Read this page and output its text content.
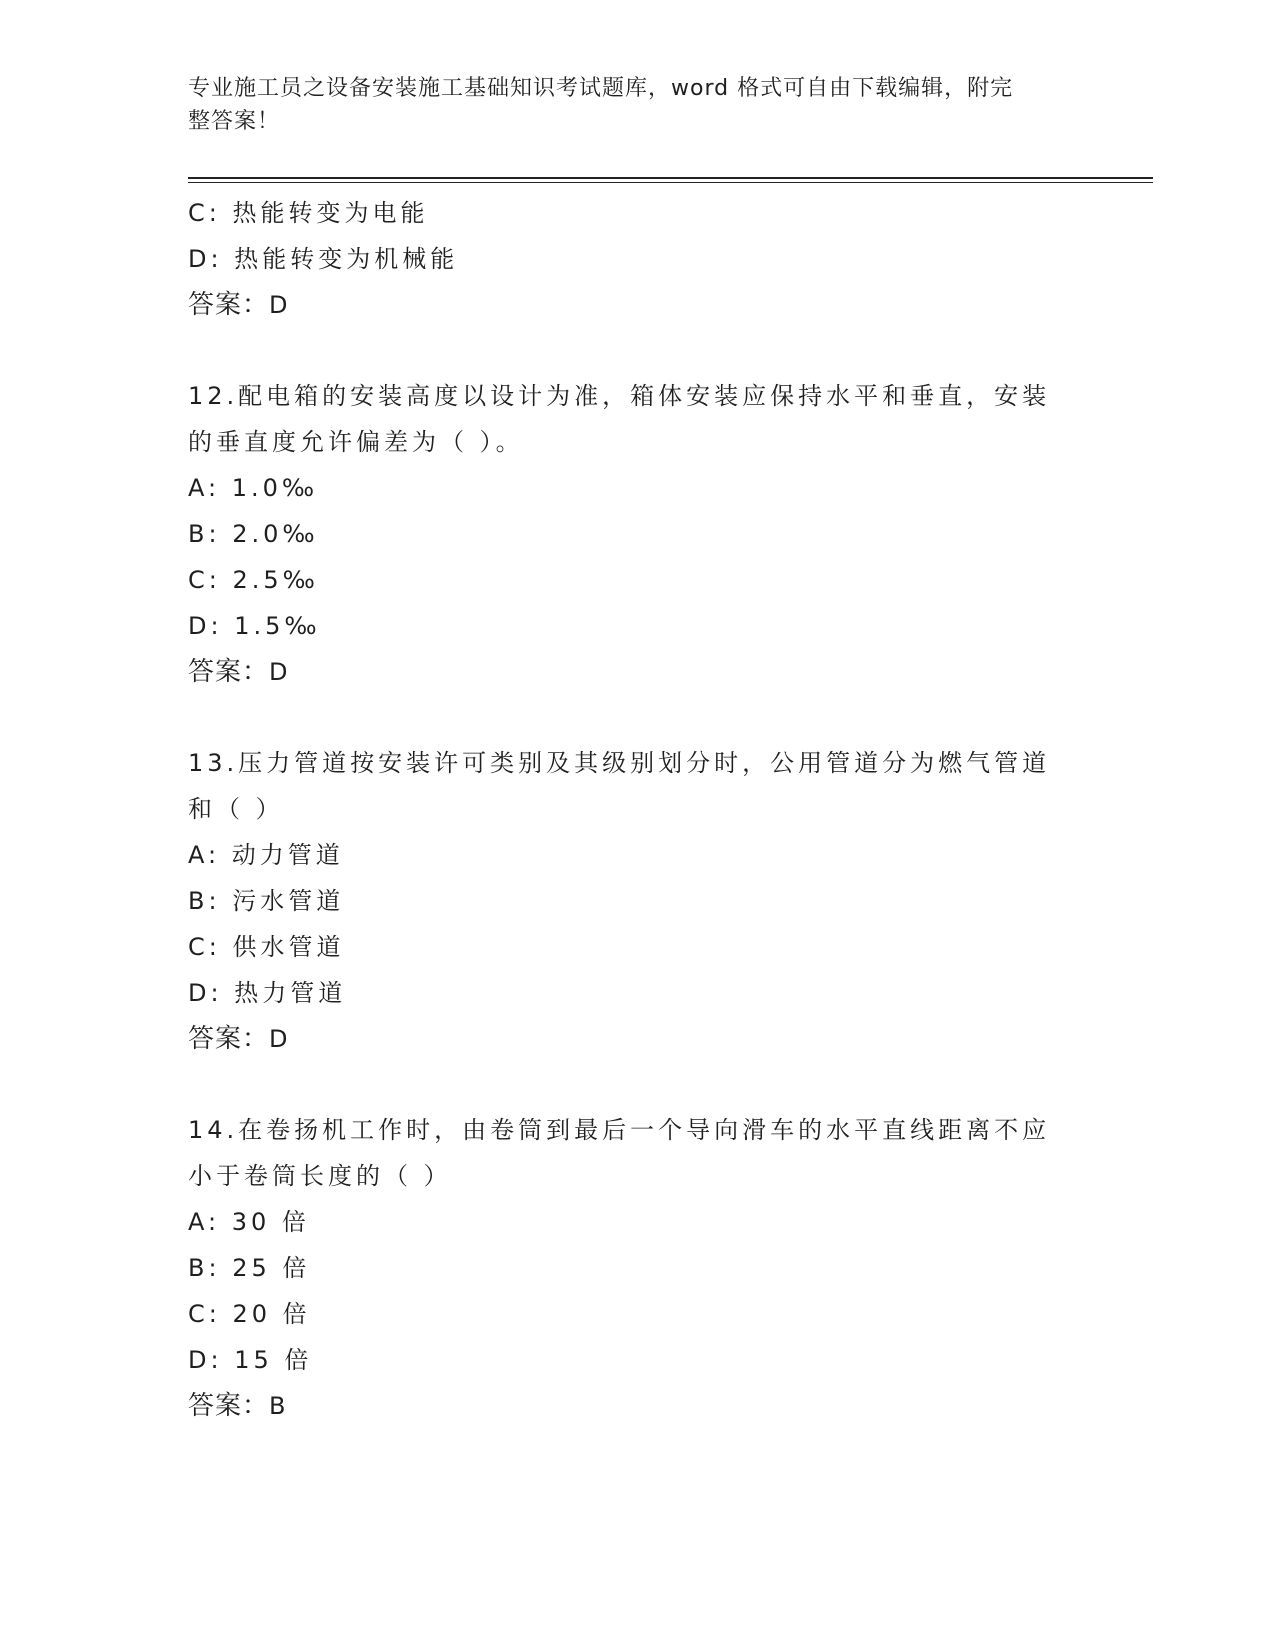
专业施工员之设备安装施工基础知识考试题库，word 格式可自由下载编辑，附完
整答案！
C: 热能转变为电能
D: 热能转变为机械能
答案：D
12.配电箱的安装高度以设计为准，箱体安装应保持水平和垂直，安装
的垂直度允许偏差为（ ）。
A: 1.0‰
B: 2.0‰
C: 2.5‰
D: 1.5‰
答案：D
13.压力管道按安装许可类别及其级别划分时，公用管道分为燃气管道
和（ ）
A: 动力管道
B: 污水管道
C: 供水管道
D: 热力管道
答案：D
14.在卷扬机工作时，由卷筒到最后一个导向滑车的水平直线距离不应
小于卷筒长度的（ ）
A: 30 倍
B: 25 倍
C: 20 倍
D: 15 倍
答案：B
